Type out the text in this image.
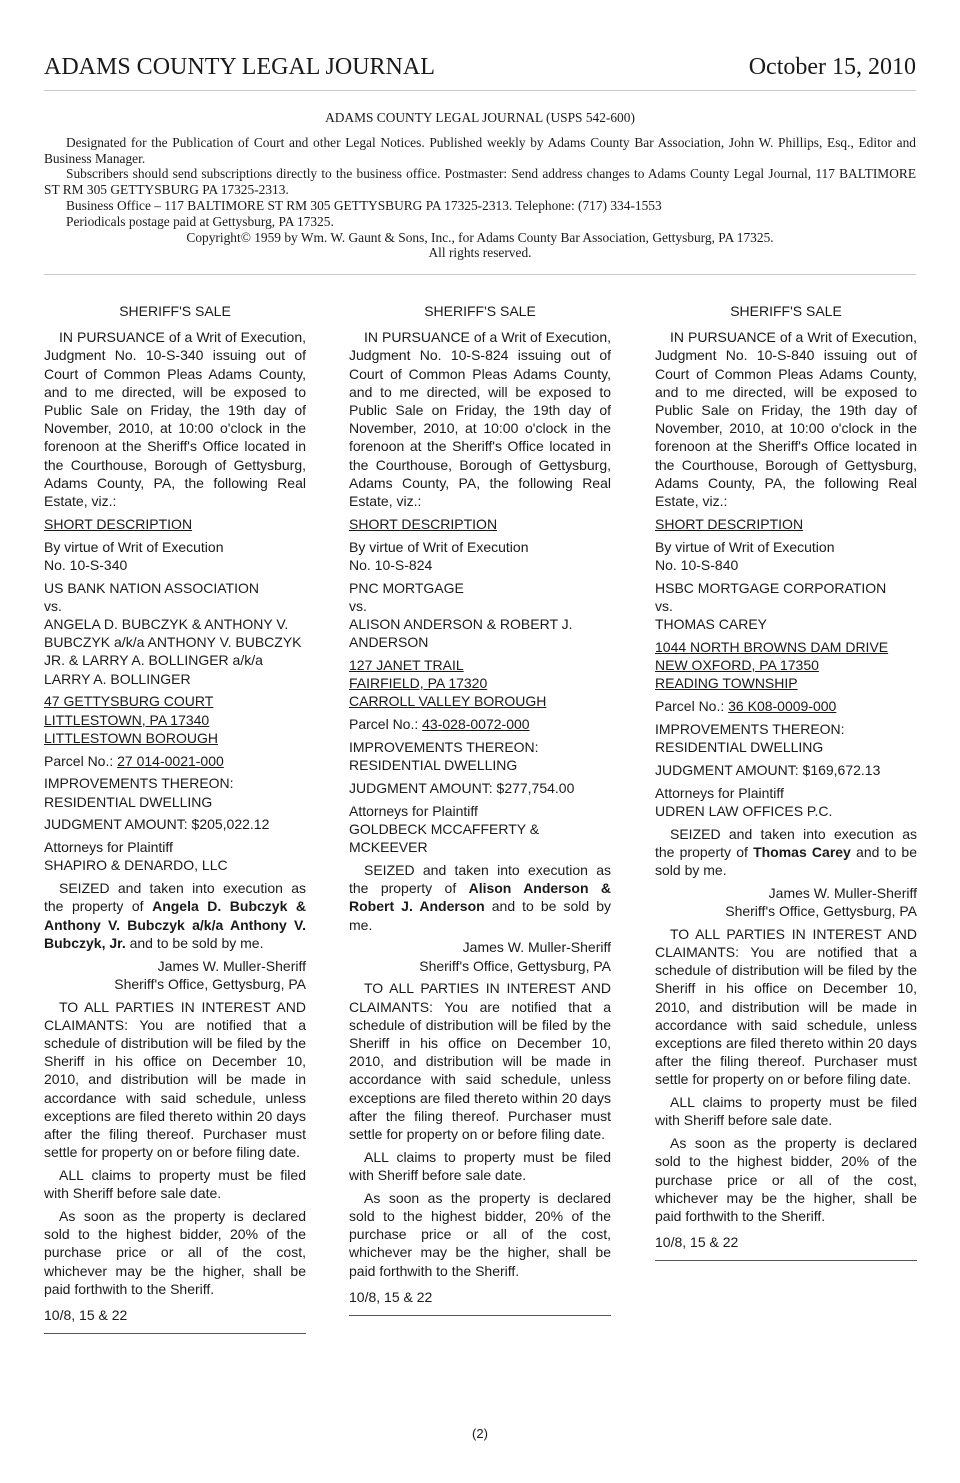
ADAMS COUNTY LEGAL JOURNAL	October 15, 2010

ADAMS COUNTY LEGAL JOURNAL (USPS 542-600)

Designated for the Publication of Court and other Legal Notices. Published weekly by Adams County Bar Association, John W. Phillips, Esq., Editor and Business Manager.

Subscribers should send subscriptions directly to the business office. Postmaster: Send address changes to Adams County Legal Journal, 117 BALTIMORE ST RM 305 GETTYSBURG PA 17325-2313.

Business Office – 117 BALTIMORE ST RM 305 GETTYSBURG PA 17325-2313. Telephone: (717) 334-1553

Periodicals postage paid at Gettysburg, PA 17325.

Copyright© 1959 by Wm. W. Gaunt & Sons, Inc., for Adams County Bar Association, Gettysburg, PA 17325.

All rights reserved.

SHERIFF'S SALE

IN PURSUANCE of a Writ of Execution, Judgment No. 10-S-340 issuing out of Court of Common Pleas Adams County, and to me directed, will be exposed to Public Sale on Friday, the 19th day of November, 2010, at 10:00 o'clock in the forenoon at the Sheriff's Office located in the Courthouse, Borough of Gettysburg, Adams County, PA, the following Real Estate, viz.:

SHORT DESCRIPTION

By virtue of Writ of Execution
No. 10-S-340

US BANK NATION ASSOCIATION
vs.
ANGELA D. BUBCZYK & ANTHONY V. BUBCZYK a/k/a ANTHONY V. BUBCZYK JR. & LARRY A. BOLLINGER a/k/a LARRY A. BOLLINGER

47 GETTYSBURG COURT
LITTLESTOWN, PA 17340
LITTLESTOWN BOROUGH

Parcel No.: 27 014-0021-000

IMPROVEMENTS THEREON:
RESIDENTIAL DWELLING

JUDGMENT AMOUNT: $205,022.12

Attorneys for Plaintiff
SHAPIRO & DENARDO, LLC

SEIZED and taken into execution as the property of Angela D. Bubczyk & Anthony V. Bubczyk a/k/a Anthony V. Bubczyk, Jr. and to be sold by me.

James W. Muller-Sheriff
Sheriff's Office, Gettysburg, PA

TO ALL PARTIES IN INTEREST AND CLAIMANTS: You are notified that a schedule of distribution will be filed by the Sheriff in his office on December 10, 2010, and distribution will be made in accordance with said schedule, unless exceptions are filed thereto within 20 days after the filing thereof. Purchaser must settle for property on or before filing date.

ALL claims to property must be filed with Sheriff before sale date.

As soon as the property is declared sold to the highest bidder, 20% of the purchase price or all of the cost, whichever may be the higher, shall be paid forthwith to the Sheriff.

10/8, 15 & 22

SHERIFF'S SALE

IN PURSUANCE of a Writ of Execution, Judgment No. 10-S-824 issuing out of Court of Common Pleas Adams County, and to me directed, will be exposed to Public Sale on Friday, the 19th day of November, 2010, at 10:00 o'clock in the forenoon at the Sheriff's Office located in the Courthouse, Borough of Gettysburg, Adams County, PA, the following Real Estate, viz.:

SHORT DESCRIPTION

By virtue of Writ of Execution
No. 10-S-824

PNC MORTGAGE
vs.
ALISON ANDERSON & ROBERT J. ANDERSON

127 JANET TRAIL
FAIRFIELD, PA 17320
CARROLL VALLEY BOROUGH

Parcel No.: 43-028-0072-000

IMPROVEMENTS THEREON:
RESIDENTIAL DWELLING

JUDGMENT AMOUNT: $277,754.00

Attorneys for Plaintiff
GOLDBECK MCCAFFERTY &
MCKEEVER

SEIZED and taken into execution as the property of Alison Anderson & Robert J. Anderson and to be sold by me.

James W. Muller-Sheriff
Sheriff's Office, Gettysburg, PA

TO ALL PARTIES IN INTEREST AND CLAIMANTS: You are notified that a schedule of distribution will be filed by the Sheriff in his office on December 10, 2010, and distribution will be made in accordance with said schedule, unless exceptions are filed thereto within 20 days after the filing thereof. Purchaser must settle for property on or before filing date.

ALL claims to property must be filed with Sheriff before sale date.

As soon as the property is declared sold to the highest bidder, 20% of the purchase price or all of the cost, whichever may be the higher, shall be paid forthwith to the Sheriff.

10/8, 15 & 22

SHERIFF'S SALE

IN PURSUANCE of a Writ of Execution, Judgment No. 10-S-840 issuing out of Court of Common Pleas Adams County, and to me directed, will be exposed to Public Sale on Friday, the 19th day of November, 2010, at 10:00 o'clock in the forenoon at the Sheriff's Office located in the Courthouse, Borough of Gettysburg, Adams County, PA, the following Real Estate, viz.:

SHORT DESCRIPTION

By virtue of Writ of Execution
No. 10-S-840

HSBC MORTGAGE CORPORATION
vs.
THOMAS CAREY

1044 NORTH BROWNS DAM DRIVE
NEW OXFORD, PA 17350
READING TOWNSHIP

Parcel No.: 36 K08-0009-000

IMPROVEMENTS THEREON:
RESIDENTIAL DWELLING

JUDGMENT AMOUNT: $169,672.13

Attorneys for Plaintiff
UDREN LAW OFFICES P.C.

SEIZED and taken into execution as the property of Thomas Carey and to be sold by me.

James W. Muller-Sheriff
Sheriff's Office, Gettysburg, PA

TO ALL PARTIES IN INTEREST AND CLAIMANTS: You are notified that a schedule of distribution will be filed by the Sheriff in his office on December 10, 2010, and distribution will be made in accordance with said schedule, unless exceptions are filed thereto within 20 days after the filing thereof. Purchaser must settle for property on or before filing date.

ALL claims to property must be filed with Sheriff before sale date.

As soon as the property is declared sold to the highest bidder, 20% of the purchase price or all of the cost, whichever may be the higher, shall be paid forthwith to the Sheriff.

10/8, 15 & 22

(2)
